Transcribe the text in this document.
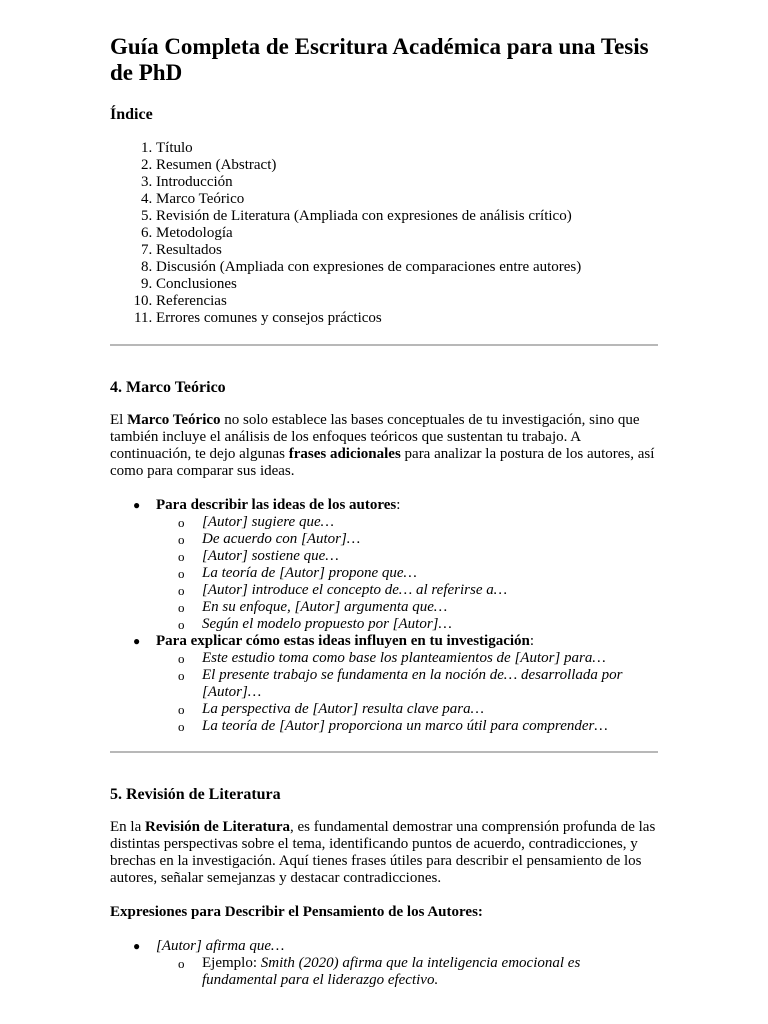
Guía Completa de Escritura Académica para una Tesis de PhD
Índice
1. Título
2. Resumen (Abstract)
3. Introducción
4. Marco Teórico
5. Revisión de Literatura (Ampliada con expresiones de análisis crítico)
6. Metodología
7. Resultados
8. Discusión (Ampliada con expresiones de comparaciones entre autores)
9. Conclusiones
10. Referencias
11. Errores comunes y consejos prácticos
4. Marco Teórico

El Marco Teórico no solo establece las bases conceptuales de tu investigación, sino que también incluye el análisis de los enfoques teóricos que sustentan tu trabajo. A continuación, te dejo algunas frases adicionales para analizar la postura de los autores, así como para comparar sus ideas.

● Para describir las ideas de los autores:
o [Autor] sugiere que…
o De acuerdo con [Autor]…
o [Autor] sostiene que…
o La teoría de [Autor] propone que…
o [Autor] introduce el concepto de… al referirse a…
o En su enfoque, [Autor] argumenta que…
o Según el modelo propuesto por [Autor]…
● Para explicar cómo estas ideas influyen en tu investigación:
o Este estudio toma como base los planteamientos de [Autor] para…
o El presente trabajo se fundamenta en la noción de… desarrollada por [Autor]…
o La perspectiva de [Autor] resulta clave para…
o La teoría de [Autor] proporciona un marco útil para comprender…
5. Revisión de Literatura

En la Revisión de Literatura, es fundamental demostrar una comprensión profunda de las distintas perspectivas sobre el tema, identificando puntos de acuerdo, contradicciones, y brechas en la investigación. Aquí tienes frases útiles para describir el pensamiento de los autores, señalar semejanzas y destacar contradicciones.

Expresiones para Describir el Pensamiento de los Autores:

● [Autor] afirma que…
o Ejemplo: Smith (2020) afirma que la inteligencia emocional es fundamental para el liderazgo efectivo.
